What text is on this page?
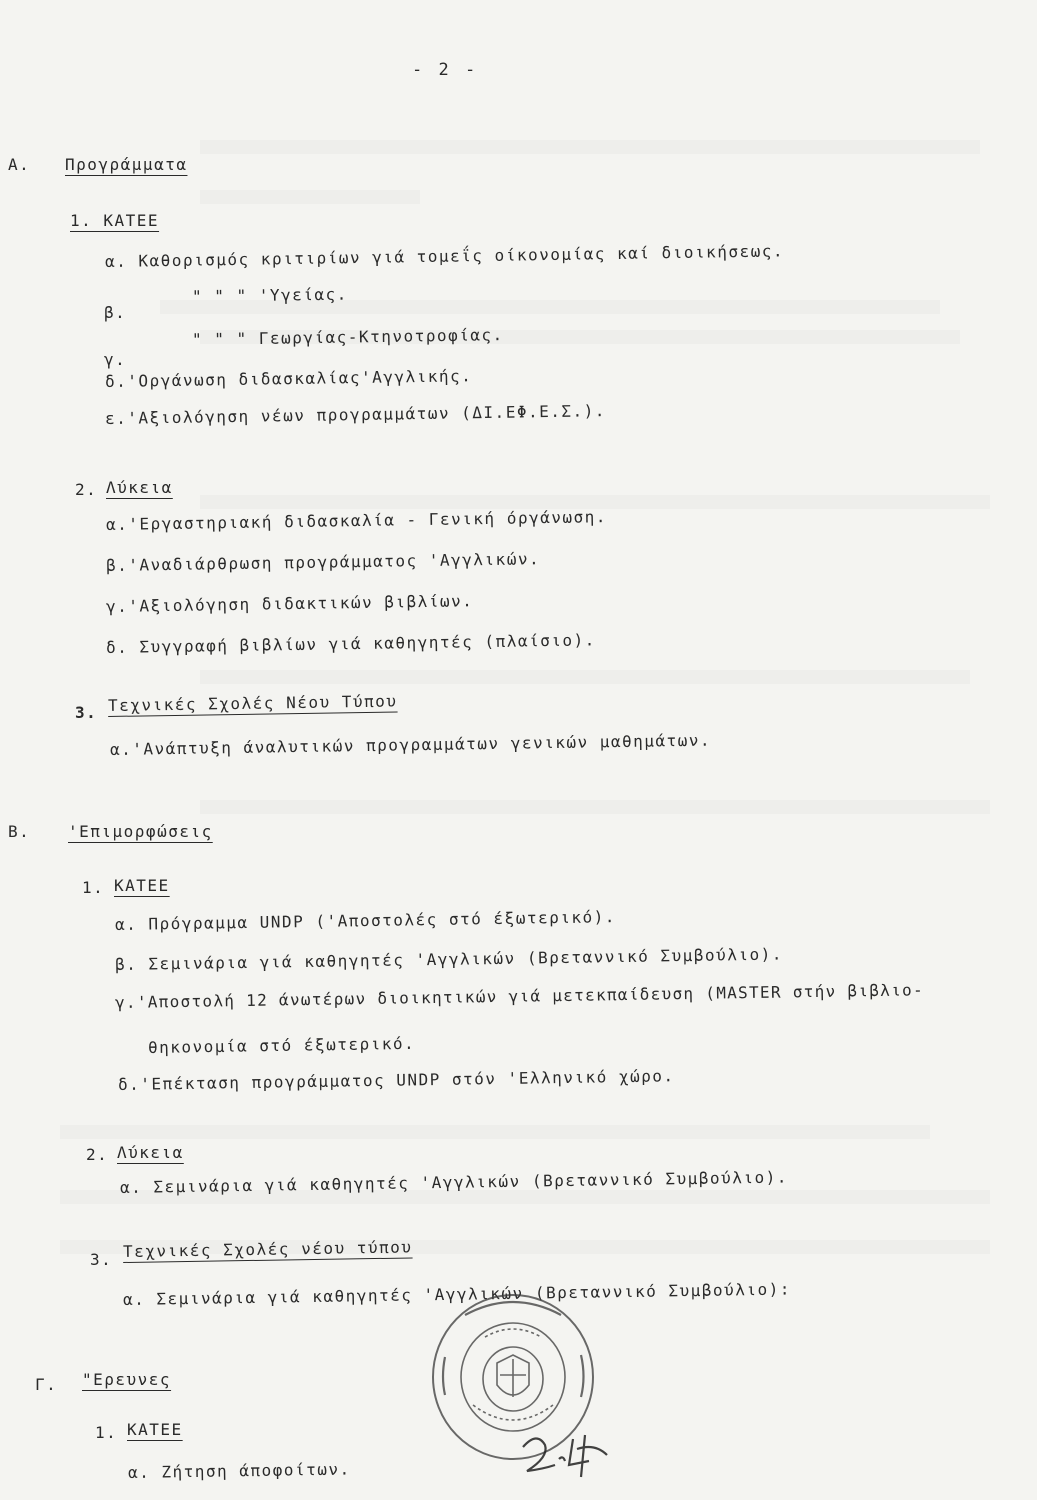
- 2 -
Α. Προγράμματα
1. ΚΑΤΕΕ
α. Καθορισμός κριτιρίων γιά τομεΐς οίκονομίας καί διοικήσεως.
β.
" " " 'Υγείας.
γ.
" " " Γεωργίας-Κτηνοτροφίας.
δ.'Οργάνωση διδασκαλίας'Αγγλικής.
ε.'Αξιολόγηση νέων προγραμμάτων (ΔΙ.ΕΦ.Ε.Σ.).
2. Λύκεια
α.'Εργαστηριακή διδασκαλία - Γενική όργάνωση.
β.'Αναδιάρθρωση προγράμματος 'Αγγλικών.
γ.'Αξιολόγηση διδακτικών βιβλίων.
δ. Συγγραφή βιβλίων γιά καθηγητές (πλαίσιο).
3. Τεχνικές Σχολές Νέου Τύπου
α.'Ανάπτυξη άναλυτικών προγραμμάτων γενικών μαθημάτων.
Β. 'Επιμορφώσεις
1. ΚΑΤΕΕ
α. Πρόγραμμα UNDP ('Αποστολές στό έξωτερικό).
β. Σεμινάρια γιά καθηγητές 'Αγγλικών (Βρεταννικό Συμβούλιο).
γ.'Αποστολή 12 άνωτέρων διοικητικών γιά μετεκπαίδευση (MASTER στήν βιβλιο-
θηκονομία στό έξωτερικό.
δ.'Επέκταση προγράμματος UNDP στόν 'Ελληνικό χώρο.
2. Λύκεια
α. Σεμινάρια γιά καθηγητές 'Αγγλικών (Βρεταννικό Συμβούλιο).
3. Τεχνικές Σχολές νέου τύπου
α. Σεμινάρια γιά καθηγητές 'Αγγλικών (Βρεταννικό Συμβούλιο):
Γ. "Ερευνες
1. ΚΑΤΕΕ
α. Ζήτηση άποφοίτων.
